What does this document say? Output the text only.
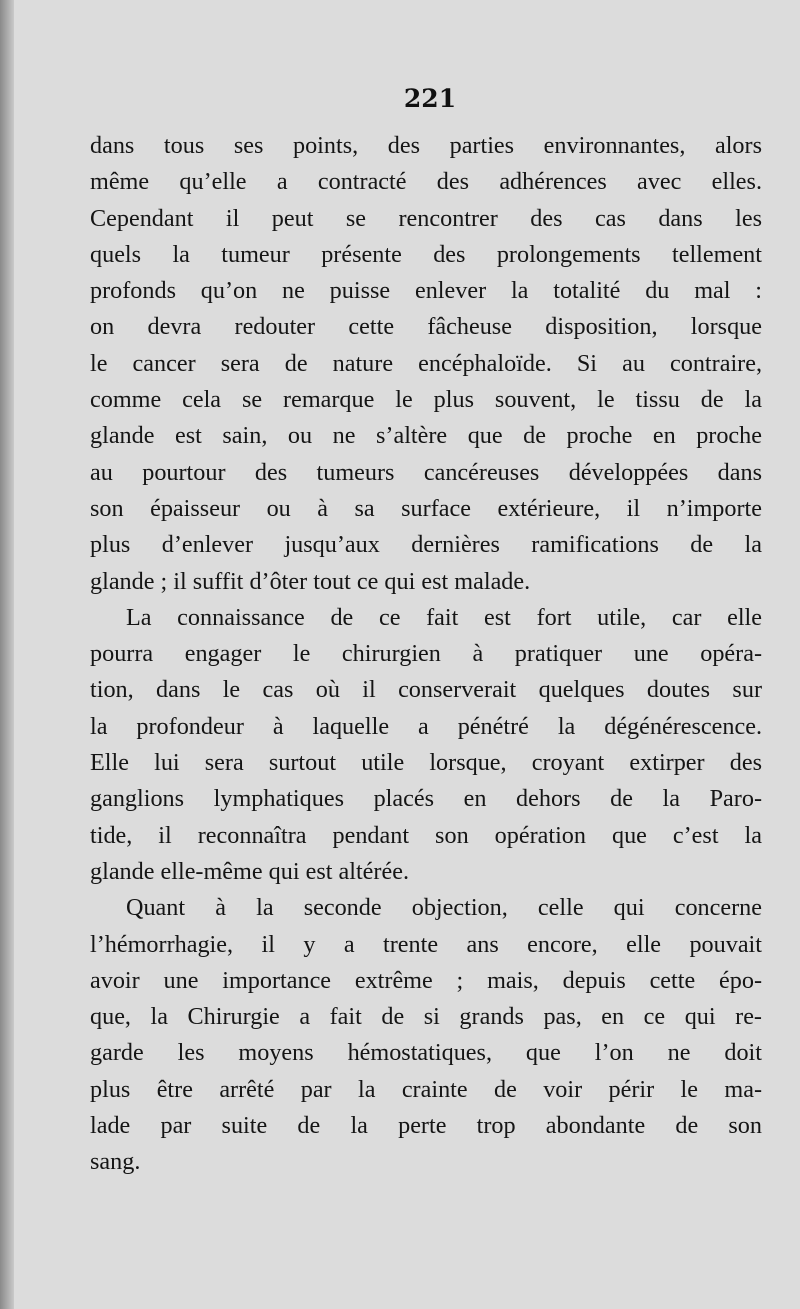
221
dans tous ses points, des parties environnantes, alors
même qu’elle a contracté des adhérences avec elles.
Cependant il peut se rencontrer des cas dans les
quels la tumeur présente des prolongements tellement
profonds qu’on ne puisse enlever la totalité du mal :
on devra redouter cette fâcheuse disposition, lorsque
le cancer sera de nature encéphaloïde. Si au contraire,
comme cela se remarque le plus souvent, le tissu de la
glande est sain, ou ne s’altère que de proche en proche
au pourtour des tumeurs cancéreuses développées dans
son épaisseur ou à sa surface extérieure, il n’importe
plus d’enlever jusqu’aux dernières ramifications de la
glande ; il suffit d’ôter tout ce qui est malade.
La connaissance de ce fait est fort utile, car elle
pourra engager le chirurgien à pratiquer une opéra-
tion, dans le cas où il conserverait quelques doutes sur
la profondeur à laquelle a pénétré la dégénérescence.
Elle lui sera surtout utile lorsque, croyant extirper des
ganglions lymphatiques placés en dehors de la Paro-
tide, il reconnaîtra pendant son opération que c’est la
glande elle-même qui est altérée.
Quant à la seconde objection, celle qui concerne
l’hémorrhagie, il y a trente ans encore, elle pouvait
avoir une importance extrême ; mais, depuis cette épo-
que, la Chirurgie a fait de si grands pas, en ce qui re-
garde les moyens hémostatiques, que l’on ne doit
plus être arrêté par la crainte de voir périr le ma-
lade par suite de la perte trop abondante de son
sang.
